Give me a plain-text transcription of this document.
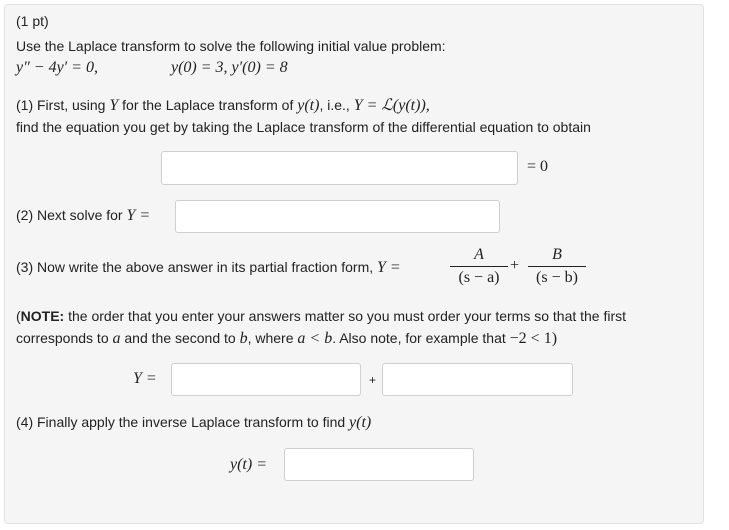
(1 pt)
Use the Laplace transform to solve the following initial value problem:
y″ − 4y′ = 0,	y(0) = 3, y′(0) = 8
(1) First, using Y for the Laplace transform of y(t), i.e., Y = ℒ(y(t)),
find the equation you get by taking the Laplace transform of the differential equation to obtain
= 0
(2) Next solve for Y =
(3) Now write the above answer in its partial fraction form, Y =
A
(s − a)
+
B
(s − b)
(NOTE: the order that you enter your answers matter so you must order your terms so that the first
corresponds to a and the second to b, where a < b. Also note, for example that −2 < 1)
Y =	+
(4) Finally apply the inverse Laplace transform to find y(t)
y(t) =
